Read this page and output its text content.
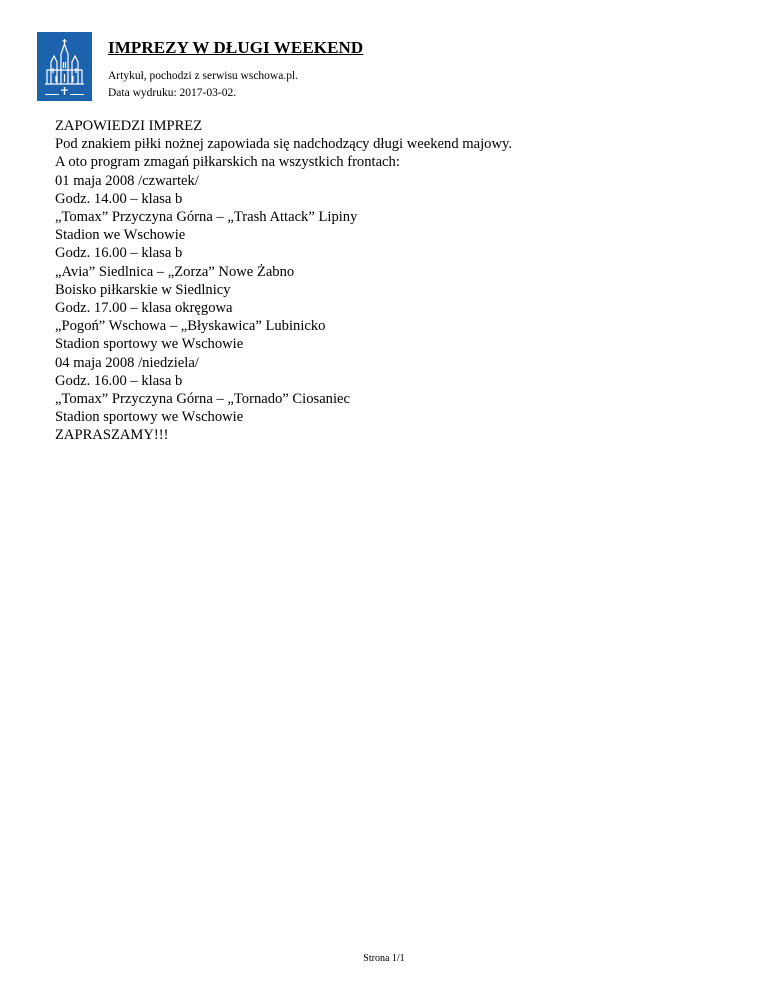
IMPREZY W DŁUGI WEEKEND
Artykuł, pochodzi z serwisu wschowa.pl.
Data wydruku: 2017-03-02.
ZAPOWIEDZI IMPREZ
Pod znakiem piłki nożnej zapowiada się nadchodzący długi weekend majowy.
A oto program zmagań piłkarskich na wszystkich frontach:
01 maja 2008 /czwartek/
Godz. 14.00 – klasa b
„Tomax” Przyczyna Górna – „Trash Attack” Lipiny
Stadion we Wschowie
Godz. 16.00 – klasa b
„Avia” Siedlnica – „Zorza” Nowe Żabno
Boisko piłkarskie w Siedlnicy
Godz. 17.00 – klasa okręgowa
„Pogoń” Wschowa – „Błyskawica” Lubinicko
Stadion sportowy we Wschowie
04 maja 2008 /niedziela/
Godz. 16.00 – klasa b
„Tomax” Przyczyna Górna – „Tornado” Ciosaniec
Stadion sportowy we Wschowie
ZAPRASZAMY!!!
Strona 1/1
